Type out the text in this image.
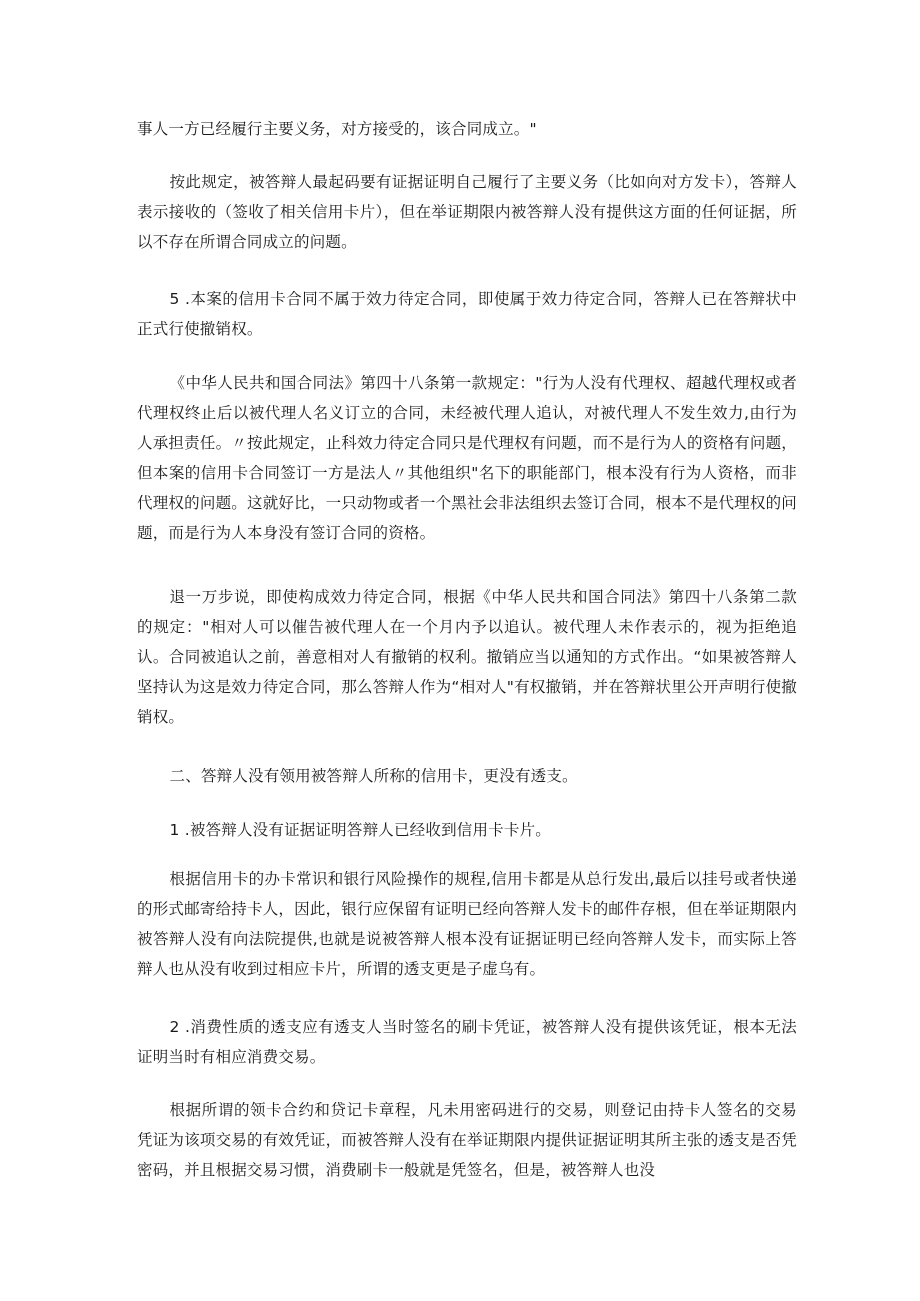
事人一方已经履行主要义务，对方接受的，该合同成立。"

按此规定，被答辩人最起码要有证据证明自己履行了主要义务（比如向对方发卡），答辩人表示接收的（签收了相关信用卡片），但在举证期限内被答辩人没有提供这方面的任何证据，所以不存在所谓合同成立的问题。

5 .本案的信用卡合同不属于效力待定合同，即使属于效力待定合同，答辩人已在答辩状中正式行使撤销权。

《中华人民共和国合同法》第四十八条第一款规定："行为人没有代理权、超越代理权或者代理权终止后以被代理人名义订立的合同，未经被代理人追认，对被代理人不发生效力,由行为人承担责任。〃按此规定，止科效力待定合同只是代理权有问题，而不是行为人的资格有问题，但本案的信用卡合同签订一方是法人〃其他组织"名下的职能部门，根本没有行为人资格，而非代理权的问题。这就好比，一只动物或者一个黑社会非法组织去签订合同，根本不是代理权的问题，而是行为人本身没有签订合同的资格。

退一万步说，即使构成效力待定合同，根据《中华人民共和国合同法》第四十八条第二款的规定："相对人可以催告被代理人在一个月内予以追认。被代理人未作表示的，视为拒绝追认。合同被追认之前，善意相对人有撤销的权利。撤销应当以通知的方式作出。“如果被答辩人坚持认为这是效力待定合同，那么答辩人作为“相对人"有权撤销，并在答辩状里公开声明行使撤销权。

二、答辩人没有领用被答辩人所称的信用卡，更没有透支。

1 .被答辩人没有证据证明答辩人已经收到信用卡卡片。

根据信用卡的办卡常识和银行风险操作的规程,信用卡都是从总行发出,最后以挂号或者快递的形式邮寄给持卡人，因此，银行应保留有证明已经向答辩人发卡的邮件存根，但在举证期限内被答辩人没有向法院提供,也就是说被答辩人根本没有证据证明已经向答辩人发卡，而实际上答辩人也从没有收到过相应卡片，所谓的透支更是子虚乌有。

2 .消费性质的透支应有透支人当时签名的刷卡凭证，被答辩人没有提供该凭证，根本无法证明当时有相应消费交易。

根据所谓的领卡合约和贷记卡章程，凡未用密码进行的交易，则登记由持卡人签名的交易凭证为该项交易的有效凭证，而被答辩人没有在举证期限内提供证据证明其所主张的透支是否凭密码，并且根据交易习惯，消费刷卡一般就是凭签名，但是，被答辩人也没
